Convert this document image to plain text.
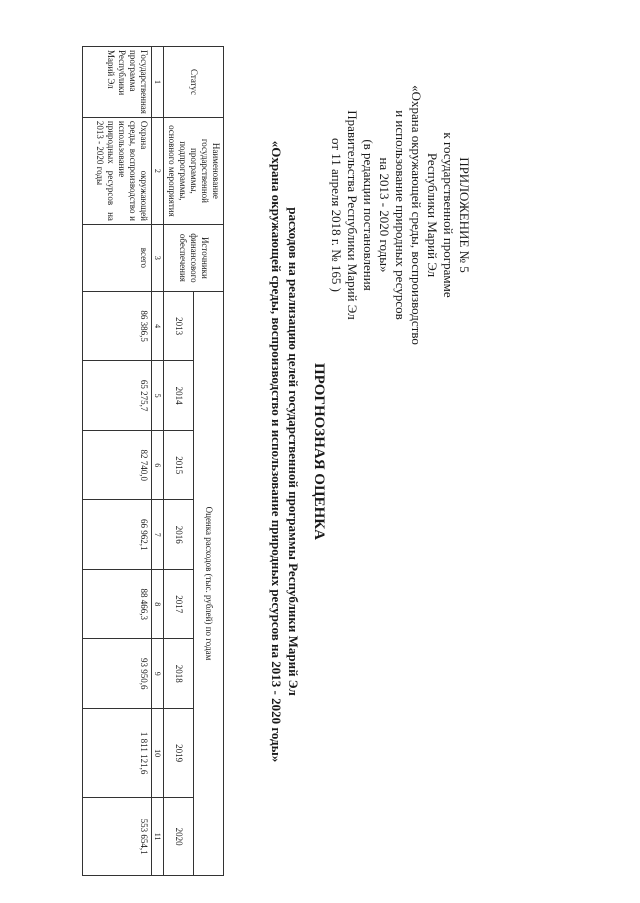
ПРИЛОЖЕНИЕ № 5
к государственной программе
Республики Марий Эл
«Охрана окружающей среды, воспроизводство
и использование природных ресурсов
на 2013 - 2020 годы»
(в редакции постановления
Правительства Республики Марий Эл
от 11 апреля 2018 г. № 165 )
ПРОГНОЗНАЯ ОЦЕНКА
расходов на реализацию целей государственной программы Республики Марий Эл
«Охрана окружающей среды, воспроизводство и использование природных ресурсов на 2013 - 2020 годы»
Статус	Наименование государственной программы, подпрограммы, основного мероприятия	Источники финансового обеспечения	Оценка расходов (тыс. рублей) по годам							
			2013	2014	2015	2016	2017	2018	2019	2020
1	2	3	4	5	6	7	8	9	10	11
Государственная программа Республики Марий Эл	Охрана окружающей среды, воспроизводство и использование природных ресурсов на 2013 - 2020 годы	всего	86 386,5	65 275,7	82 740,0	66 962,1	88 466,3	93 950,6	1 811 121,6	553 654,1
